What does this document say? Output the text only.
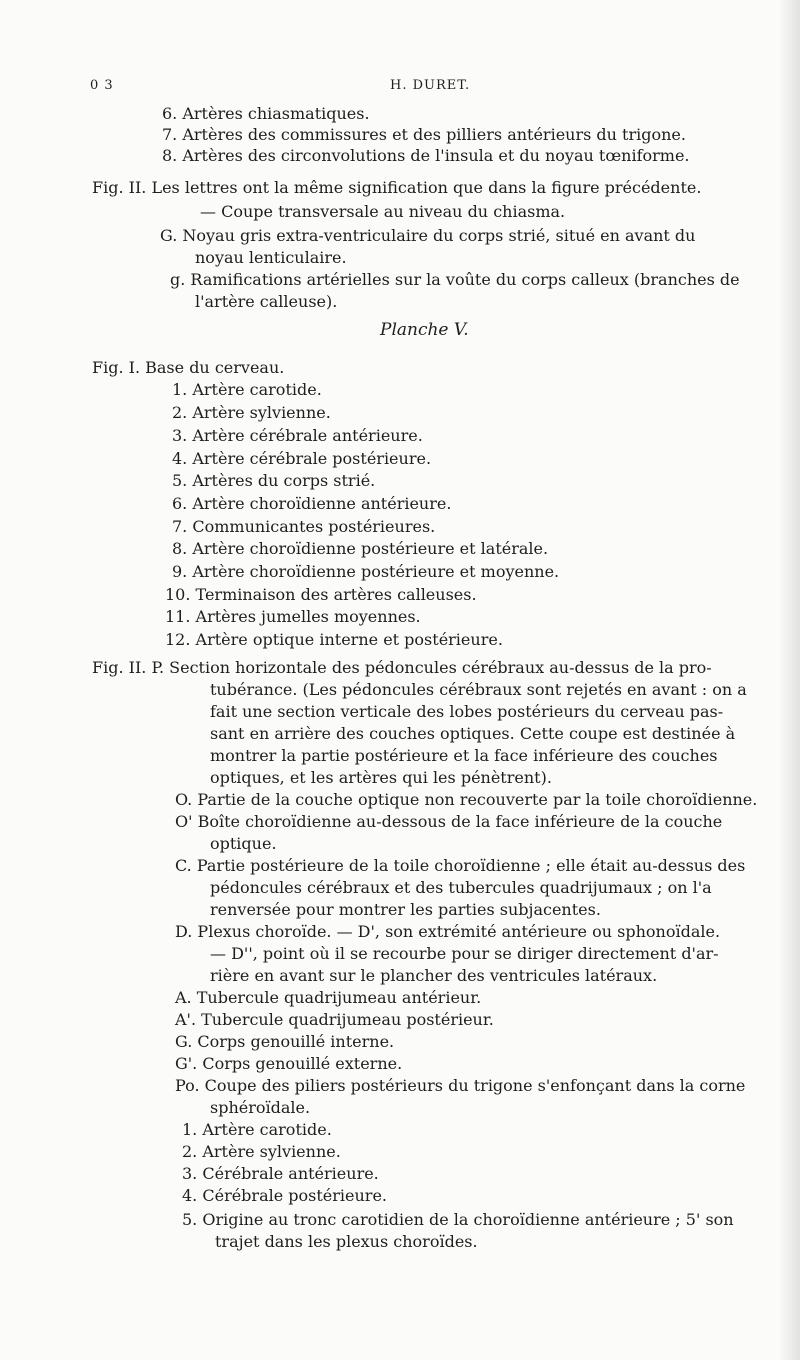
0 3	H. DURET.
Planche V.
6. Artères chiasmatiques.
7. Artères des commissures et des pilliers antérieurs du trigone.
8. Artères des circonvolutions de l'insula et du noyau tœniforme.
Fig. II. Les lettres ont la même signification que dans la figure précédente.
— Coupe transversale au niveau du chiasma.
G. Noyau gris extra-ventriculaire du corps strié, situé en avant du
noyau lenticulaire.
g. Ramifications artérielles sur la voûte du corps calleux (branches de
l'artère calleuse).
Fig. I. Base du cerveau.
1. Artère carotide.
2. Artère sylvienne.
3. Artère cérébrale antérieure.
4. Artère cérébrale postérieure.
5. Artères du corps strié.
6. Artère choroïdienne antérieure.
7. Communicantes postérieures.
8. Artère choroïdienne postérieure et latérale.
9. Artère choroïdienne postérieure et moyenne.
10. Terminaison des artères calleuses.
11. Artères jumelles moyennes.
12. Artère optique interne et postérieure.
Fig. II. P. Section horizontale des pédoncules cérébraux au-dessus de la pro-
tubérance. (Les pédoncules cérébraux sont rejetés en avant : on a
fait une section verticale des lobes postérieurs du cerveau pas-
sant en arrière des couches optiques. Cette coupe est destinée à
montrer la partie postérieure et la face inférieure des couches
optiques, et les artères qui les pénètrent).
O. Partie de la couche optique non recouverte par la toile choroïdienne.
O' Boîte choroïdienne au-dessous de la face inférieure de la couche
optique.
C. Partie postérieure de la toile choroïdienne ; elle était au-dessus des
pédoncules cérébraux et des tubercules quadrijumaux ; on l'a
renversée pour montrer les parties subjacentes.
D. Plexus choroïde. — D', son extrémité antérieure ou sphonoïdale.
— D'', point où il se recourbe pour se diriger directement d'ar-
rière en avant sur le plancher des ventricules latéraux.
A. Tubercule quadrijumeau antérieur.
A'. Tubercule quadrijumeau postérieur.
G. Corps genouillé interne.
G'. Corps genouillé externe.
Po. Coupe des piliers postérieurs du trigone s'enfonçant dans la corne
sphéroïdale.
1. Artère carotide.
2. Artère sylvienne.
3. Cérébrale antérieure.
4. Cérébrale postérieure.
5. Origine au tronc carotidien de la choroïdienne antérieure ; 5' son
trajet dans les plexus choroïdes.
